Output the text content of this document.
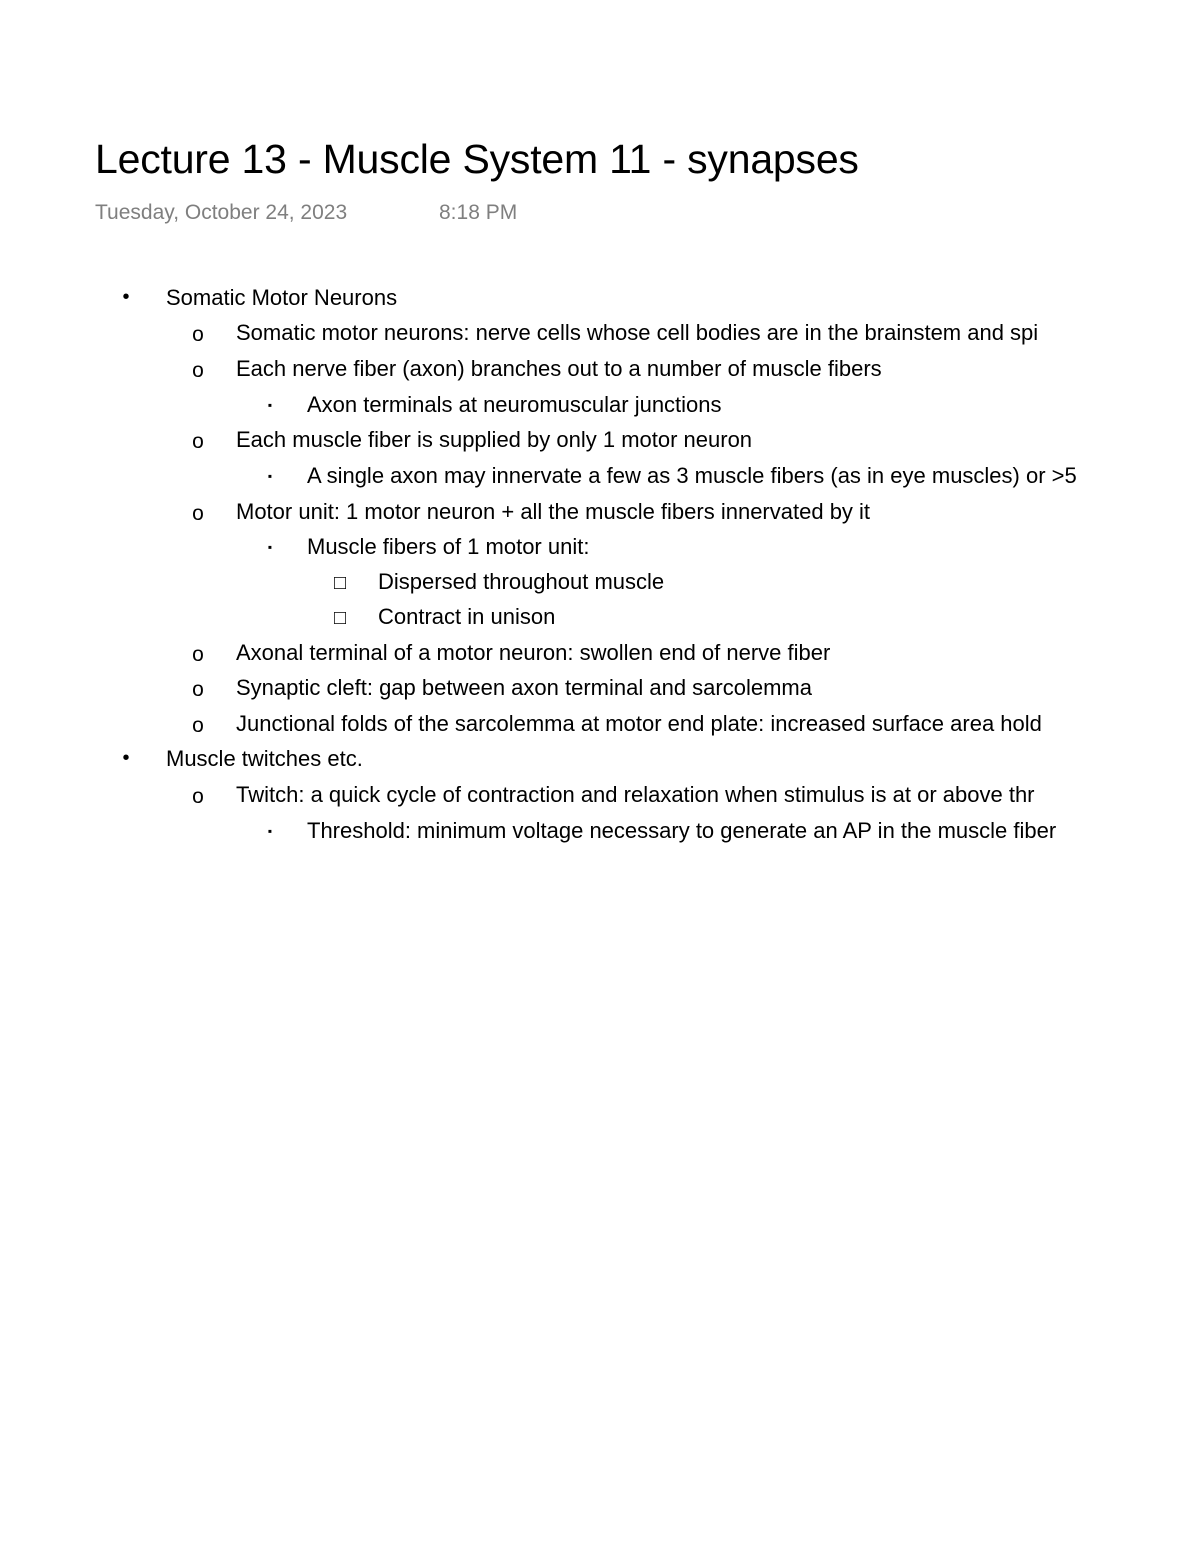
Lecture 13 - Muscle System 11 - synapses
Tuesday, October 24, 2023	8:18 PM
• Somatic Motor Neurons
o Somatic motor neurons: nerve cells whose cell bodies are in the brainstem and spi
o Each nerve fiber (axon) branches out to a number of muscle fibers
▪	Axon terminals at neuromuscular junctions
o Each muscle fiber is supplied by only 1 motor neuron
▪	A single axon may innervate a few as 3 muscle fibers (as in eye muscles) or >5
o Motor unit: 1 motor neuron + all the muscle fibers innervated by it
▪	Muscle fibers of 1 motor unit:
□ Dispersed throughout muscle
□ Contract in unison
o Axonal terminal of a motor neuron: swollen end of nerve fiber
o Synaptic cleft: gap between axon terminal and sarcolemma
o Junctional folds of the sarcolemma at motor end plate: increased surface area hold
• Muscle twitches etc.
o Twitch: a quick cycle of contraction and relaxation when stimulus is at or above thr
▪	Threshold: minimum voltage necessary to generate an AP in the muscle fiber
